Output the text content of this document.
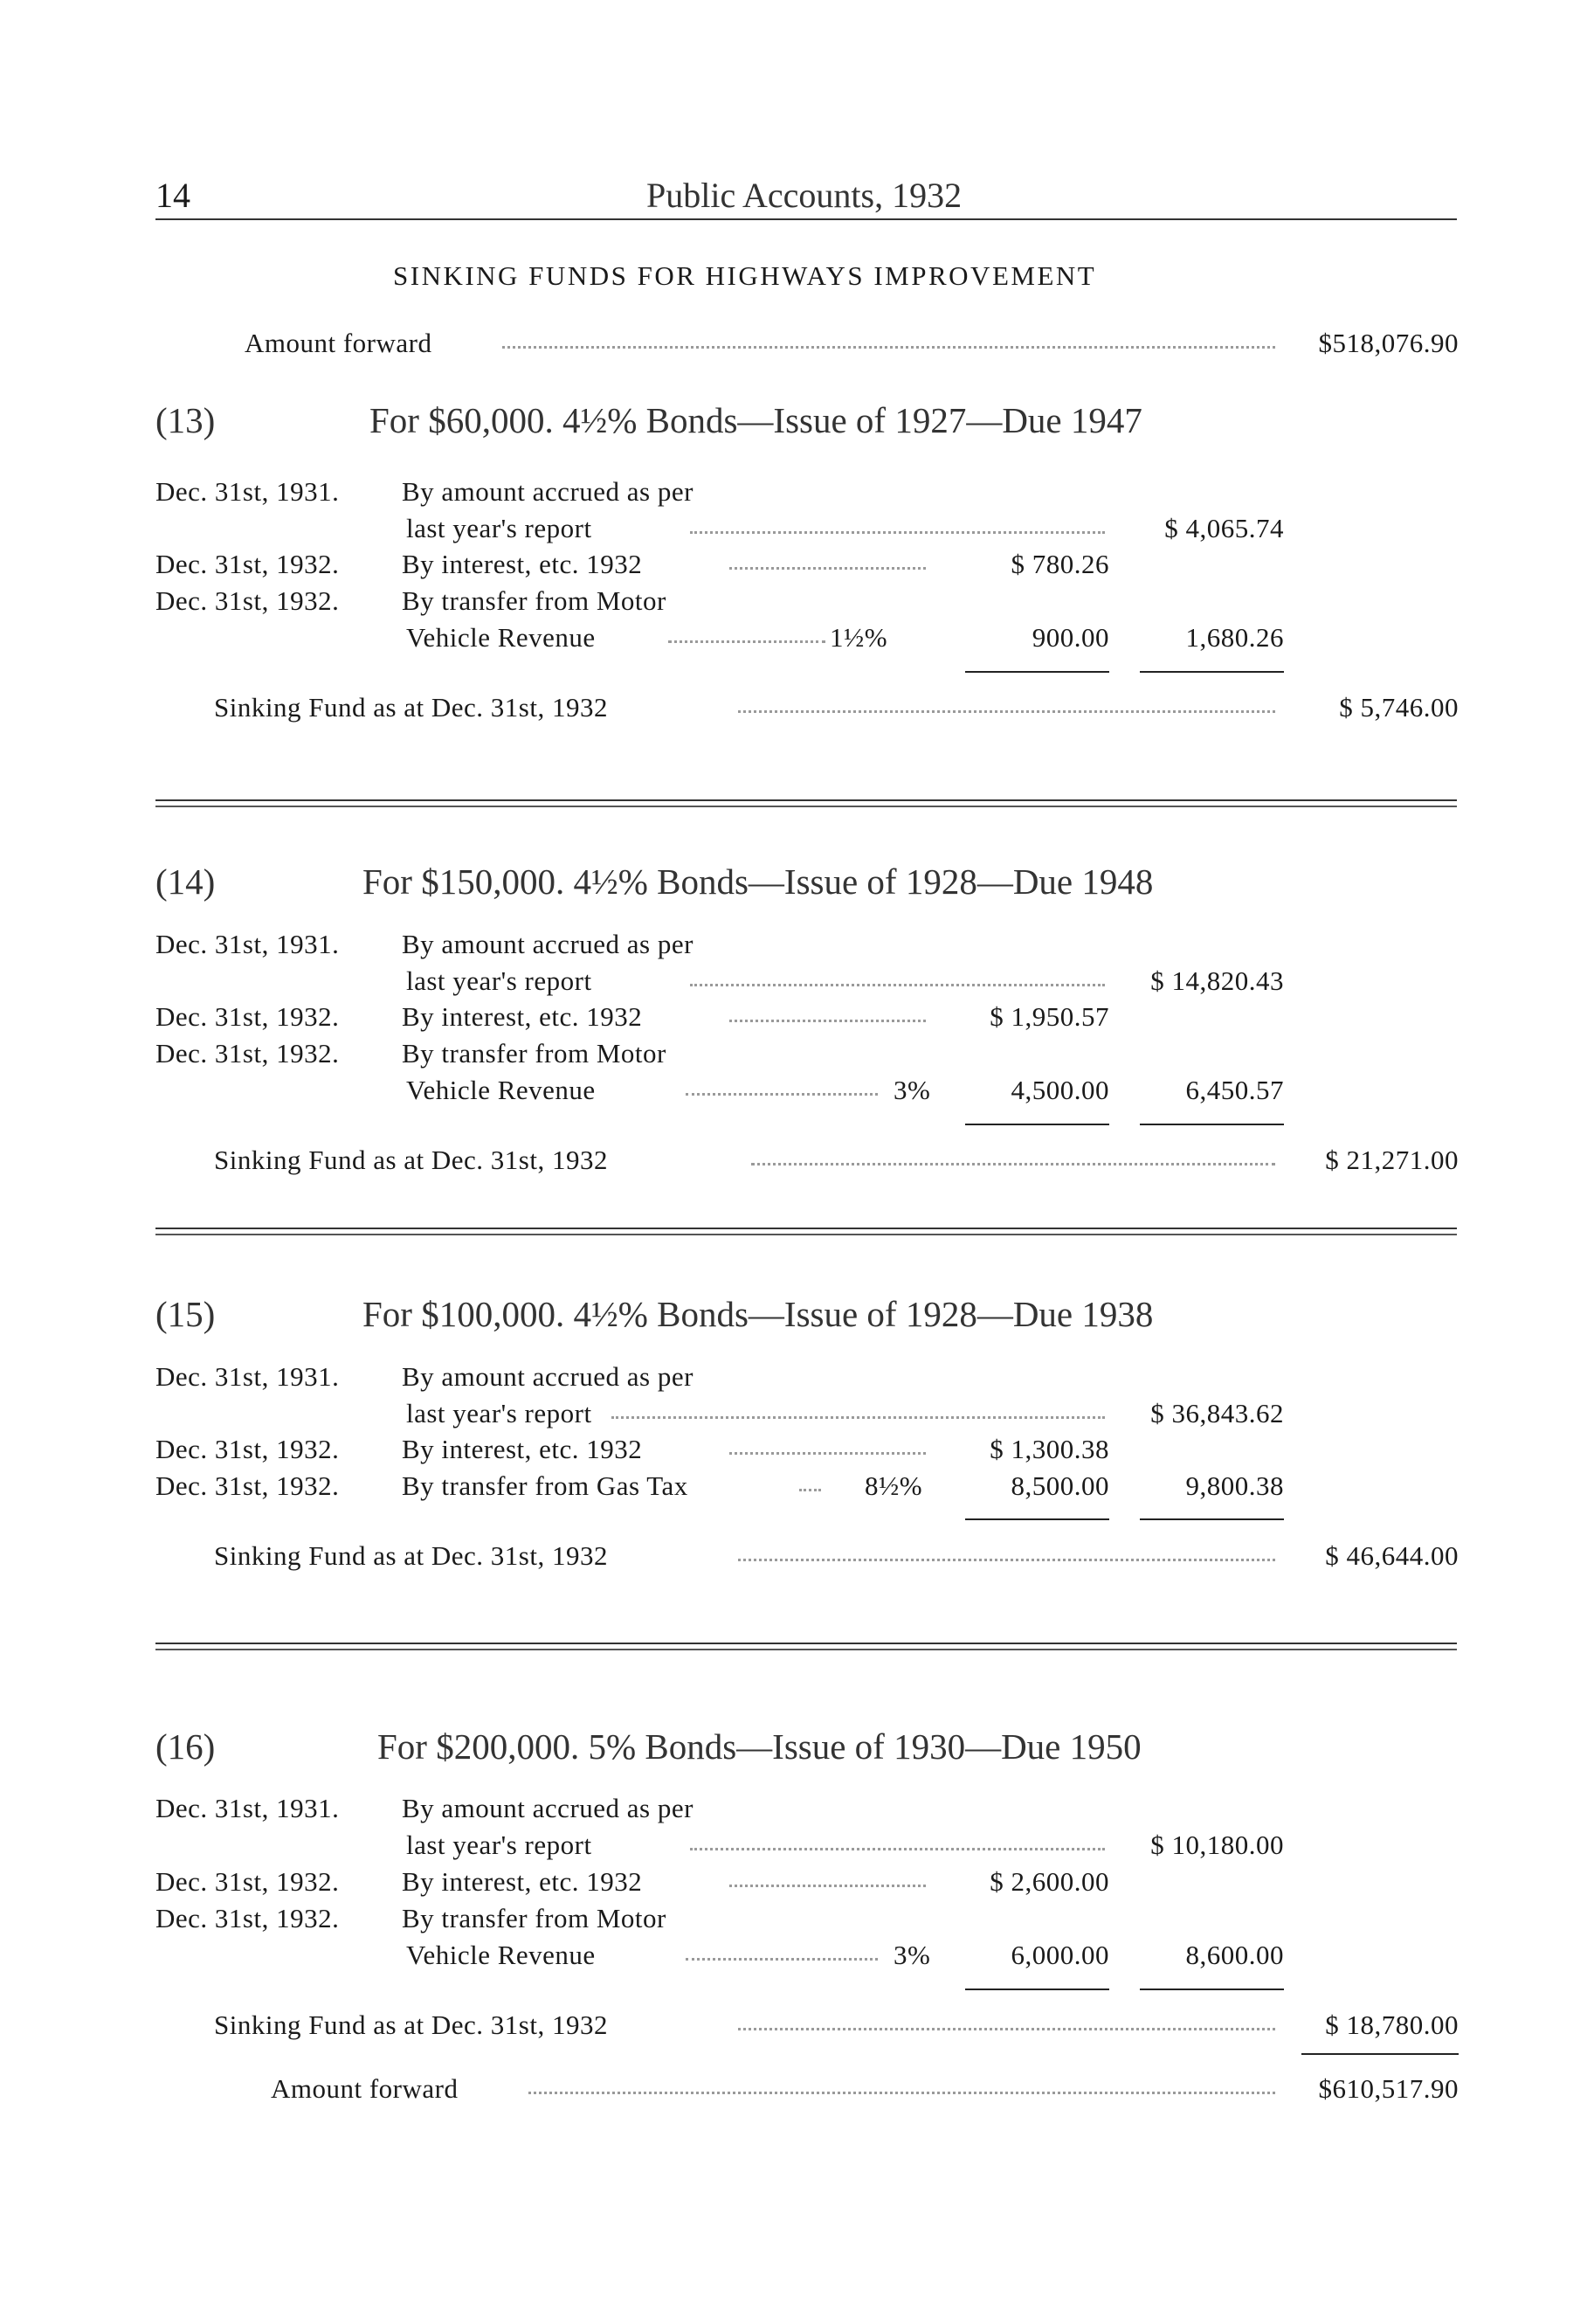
14	Public Accounts, 1932
SINKING FUNDS FOR HIGHWAYS IMPROVEMENT
Amount forward	$518,076.90
(13)	For $60,000. 4½% Bonds—Issue of 1927—Due 1947
Dec. 31st, 1931. By amount accrued as per
last year's report	$ 4,065.74
Dec. 31st, 1932. By interest, etc. 1932	$ 780.26
Dec. 31st, 1932. By transfer from Motor
Vehicle Revenue	1½%	900.00	1,680.26
Sinking Fund as at Dec. 31st, 1932	$ 5,746.00
(14)	For $150,000. 4½% Bonds—Issue of 1928—Due 1948
Dec. 31st, 1931. By amount accrued as per
last year's report	$ 14,820.43
Dec. 31st, 1932. By interest, etc. 1932	$ 1,950.57
Dec. 31st, 1932. By transfer from Motor
Vehicle Revenue	3%	4,500.00	6,450.57
Sinking Fund as at Dec. 31st, 1932	$ 21,271.00
(15)	For $100,000. 4½% Bonds—Issue of 1928—Due 1938
Dec. 31st, 1931. By amount accrued as per
last year's report	$ 36,843.62
Dec. 31st, 1932. By interest, etc. 1932	$ 1,300.38
Dec. 31st, 1932. By transfer from Gas Tax	8½%	8,500.00	9,800.38
Sinking Fund as at Dec. 31st, 1932	$ 46,644.00
(16)	For $200,000. 5% Bonds—Issue of 1930—Due 1950
Dec. 31st, 1931. By amount accrued as per
last year's report	$ 10,180.00
Dec. 31st, 1932. By interest, etc. 1932	$ 2,600.00
Dec. 31st, 1932. By transfer from Motor
Vehicle Revenue	3%	6,000.00	8,600.00
Sinking Fund as at Dec. 31st, 1932	$ 18,780.00
Amount forward	$610,517.90
